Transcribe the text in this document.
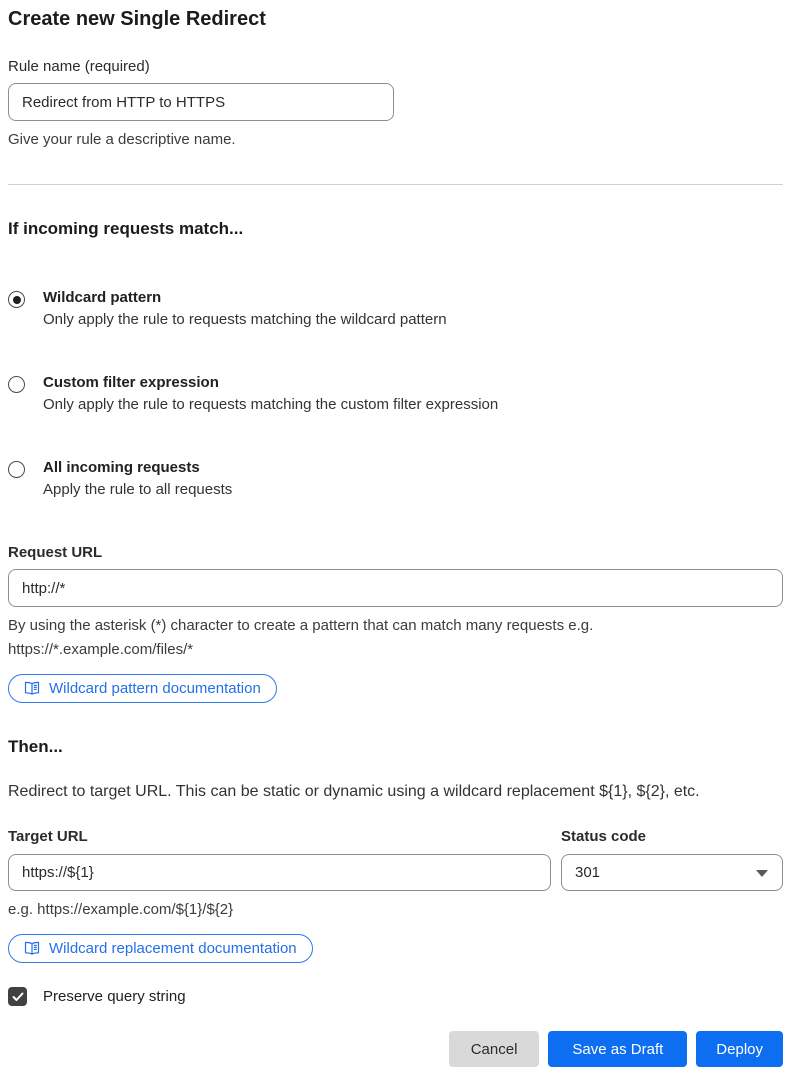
Create new Single Redirect
Rule name (required)
Redirect from HTTP to HTTPS
Give your rule a descriptive name.
If incoming requests match...
Wildcard pattern
Only apply the rule to requests matching the wildcard pattern
Custom filter expression
Only apply the rule to requests matching the custom filter expression
All incoming requests
Apply the rule to all requests
Request URL
http://*
By using the asterisk (*) character to create a pattern that can match many requests e.g.
https://*.example.com/files/*
Wildcard pattern documentation
Then...
Redirect to target URL. This can be static or dynamic using a wildcard replacement ${1}, ${2}, etc.
Target URL
https://${1}
e.g. https://example.com/${1}/${2}
Status code
301
Wildcard replacement documentation
Preserve query string
Cancel	Save as Draft	Deploy
